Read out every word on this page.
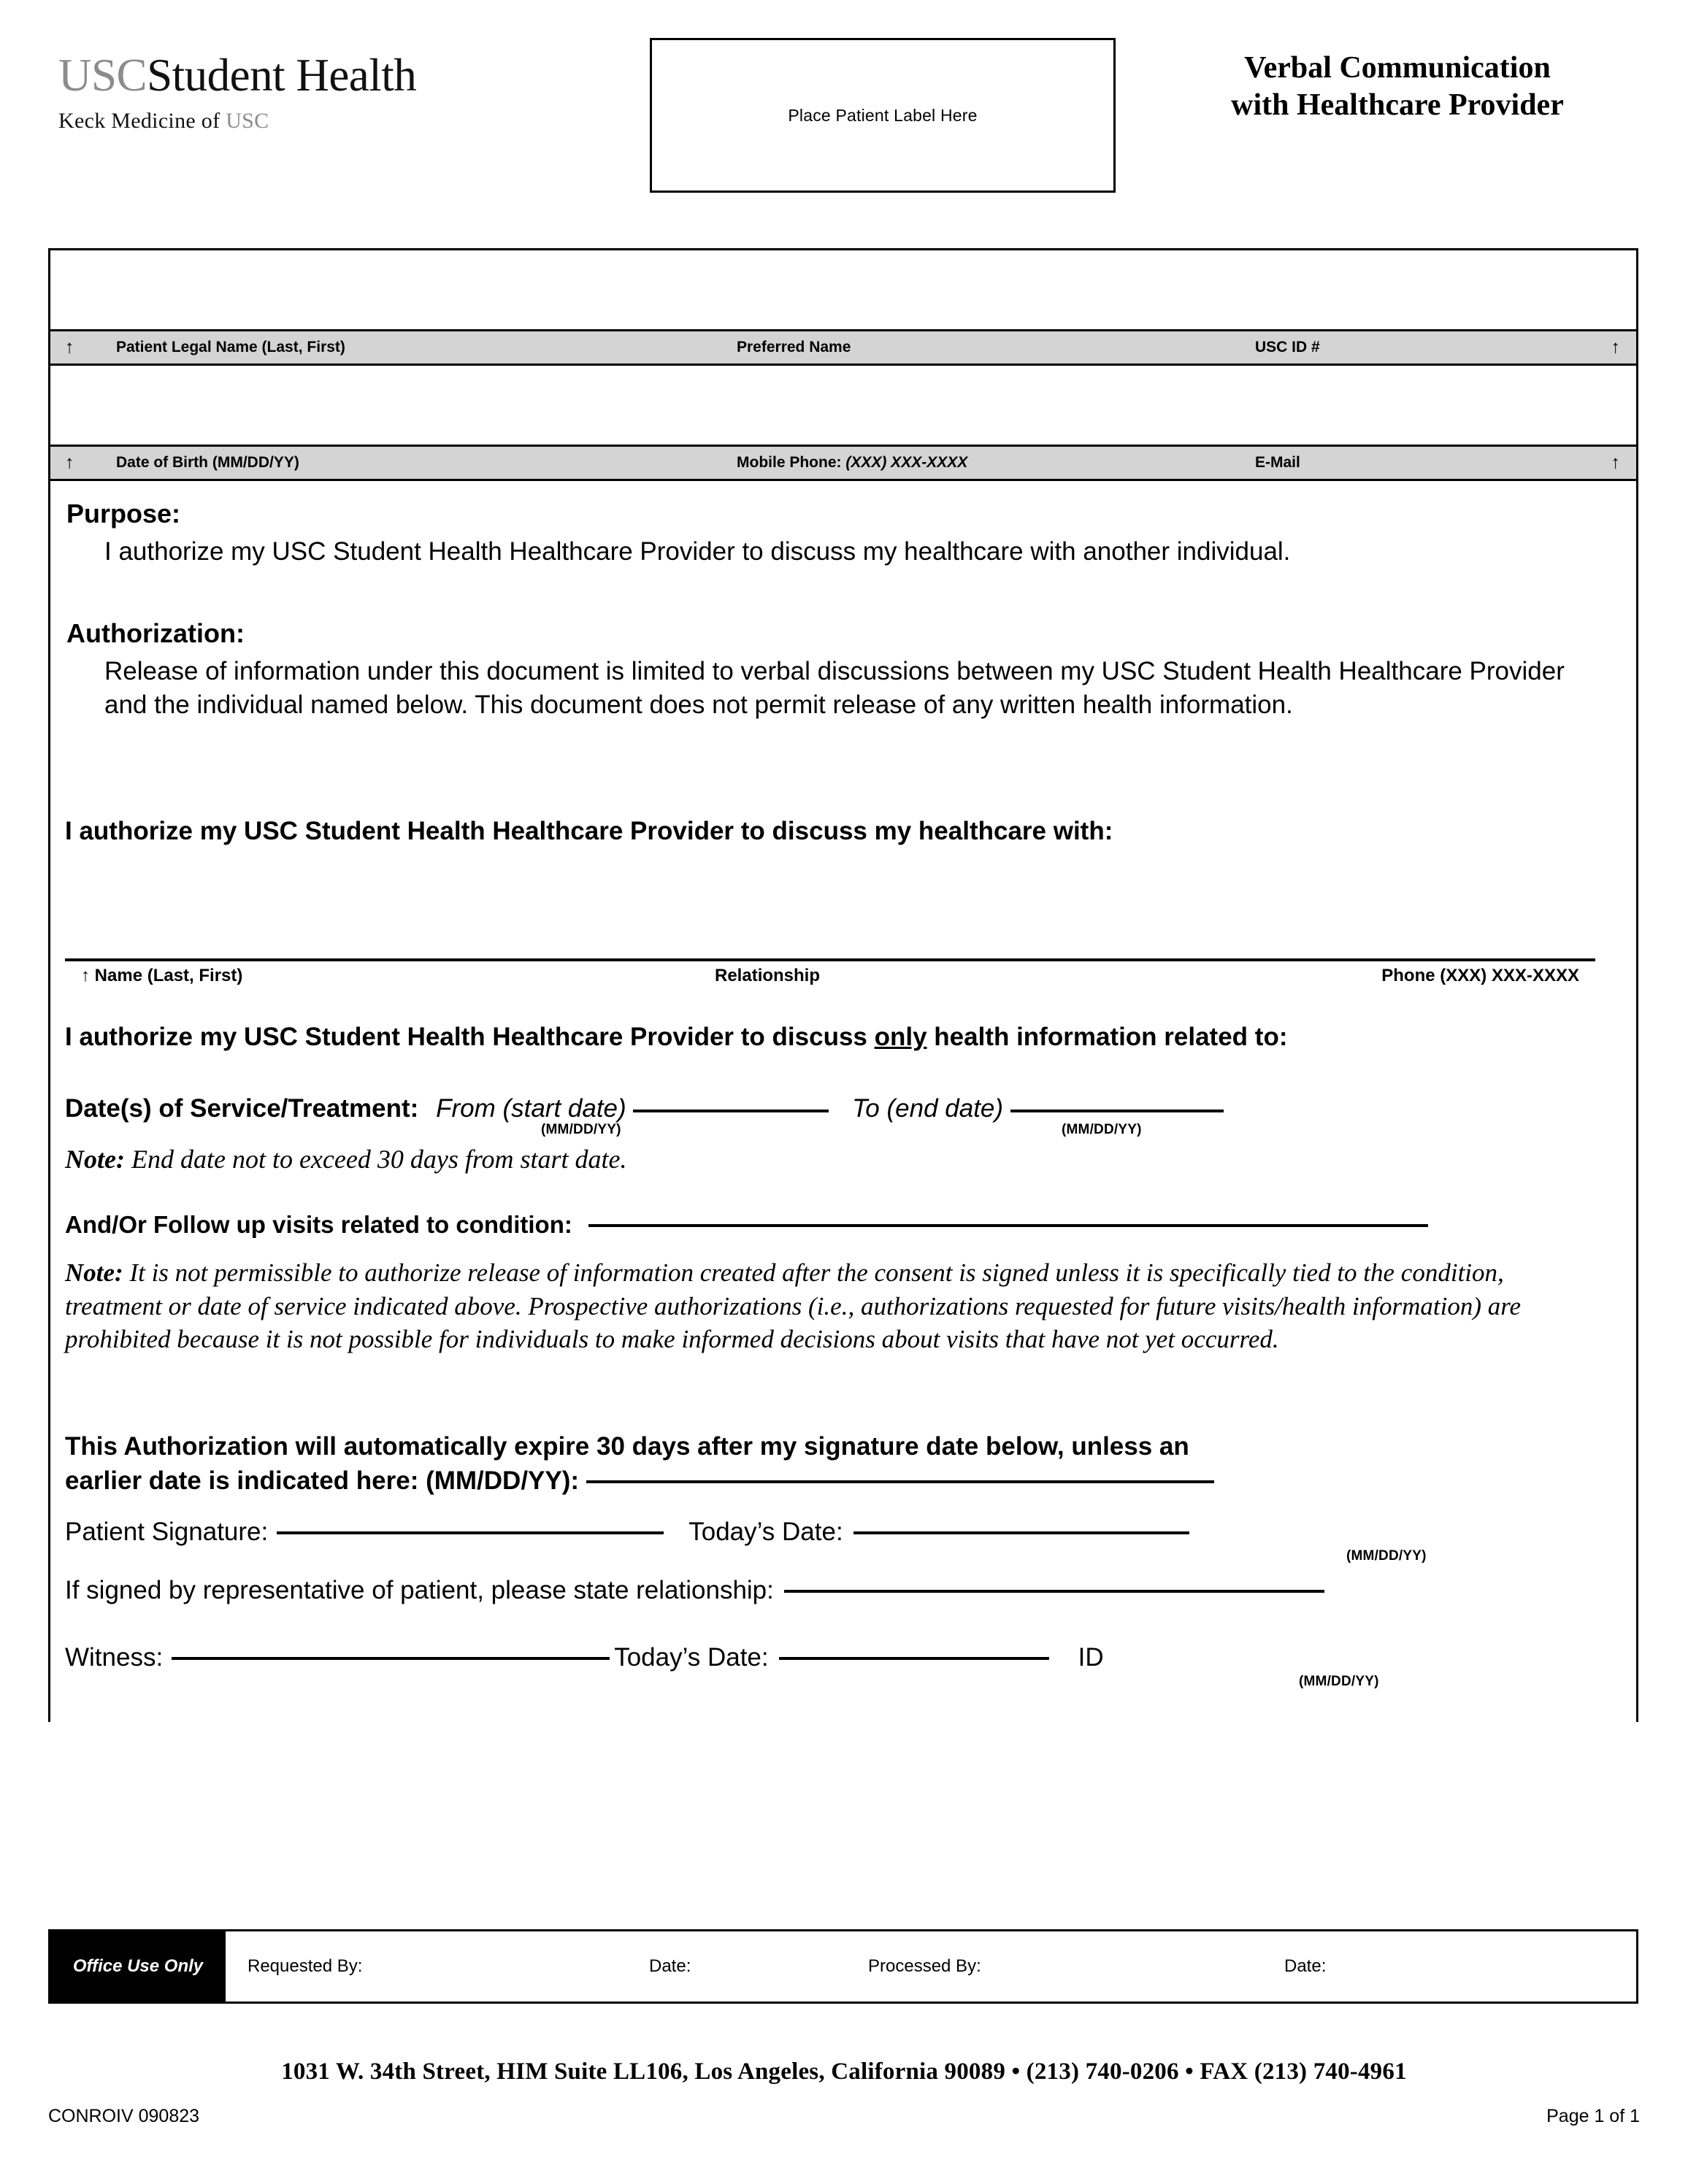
USCStudent Health
Keck Medicine of USC	Place Patient Label Here
Verbal Communication
with Healthcare Provider
↑	Patient Legal Name (Last, First)	Preferred Name	USC ID #	↑
↑	Date of Birth (MM/DD/YY)	Mobile Phone: (XXX) XXX-XXXX	E-Mail	↑
Purpose:
I authorize my USC Student Health Healthcare Provider to discuss my healthcare with another individual.
Authorization:
Release of information under this document is limited to verbal discussions between my USC Student Health Healthcare Provider and the individual named below. This document does not permit release of any written health information.
I authorize my USC Student Health Healthcare Provider to discuss my healthcare with:
↑ Name (Last, First)	Relationship	Phone (XXX) XXX-XXXX
I authorize my USC Student Health Healthcare Provider to discuss only health information related to:
Date(s) of Service/Treatment: From (start date)	To (end date)
(MM/DD/YY)	(MM/DD/YY)
Note: End date not to exceed 30 days from start date.
And/Or Follow up visits related to condition:
Note: It is not permissible to authorize release of information created after the consent is signed unless it is specifically tied to the condition, treatment or date of service indicated above. Prospective authorizations (i.e., authorizations requested for future visits/health information) are prohibited because it is not possible for individuals to make informed decisions about visits that have not yet occurred.
This Authorization will automatically expire 30 days after my signature date below, unless an
earlier date is indicated here: (MM/DD/YY):
Patient Signature:	Today’s Date:
(MM/DD/YY)
If signed by representative of patient, please state relationship:
Witness:	Today’s Date:	ID
(MM/DD/YY)
Office Use Only	Requested By:	Date:	Processed By:	Date:
1031 W. 34th Street, HIM Suite LL106, Los Angeles, California 90089 • (213) 740-0206 • FAX (213) 740-4961
CONROIV 090823	Page 1 of 1
